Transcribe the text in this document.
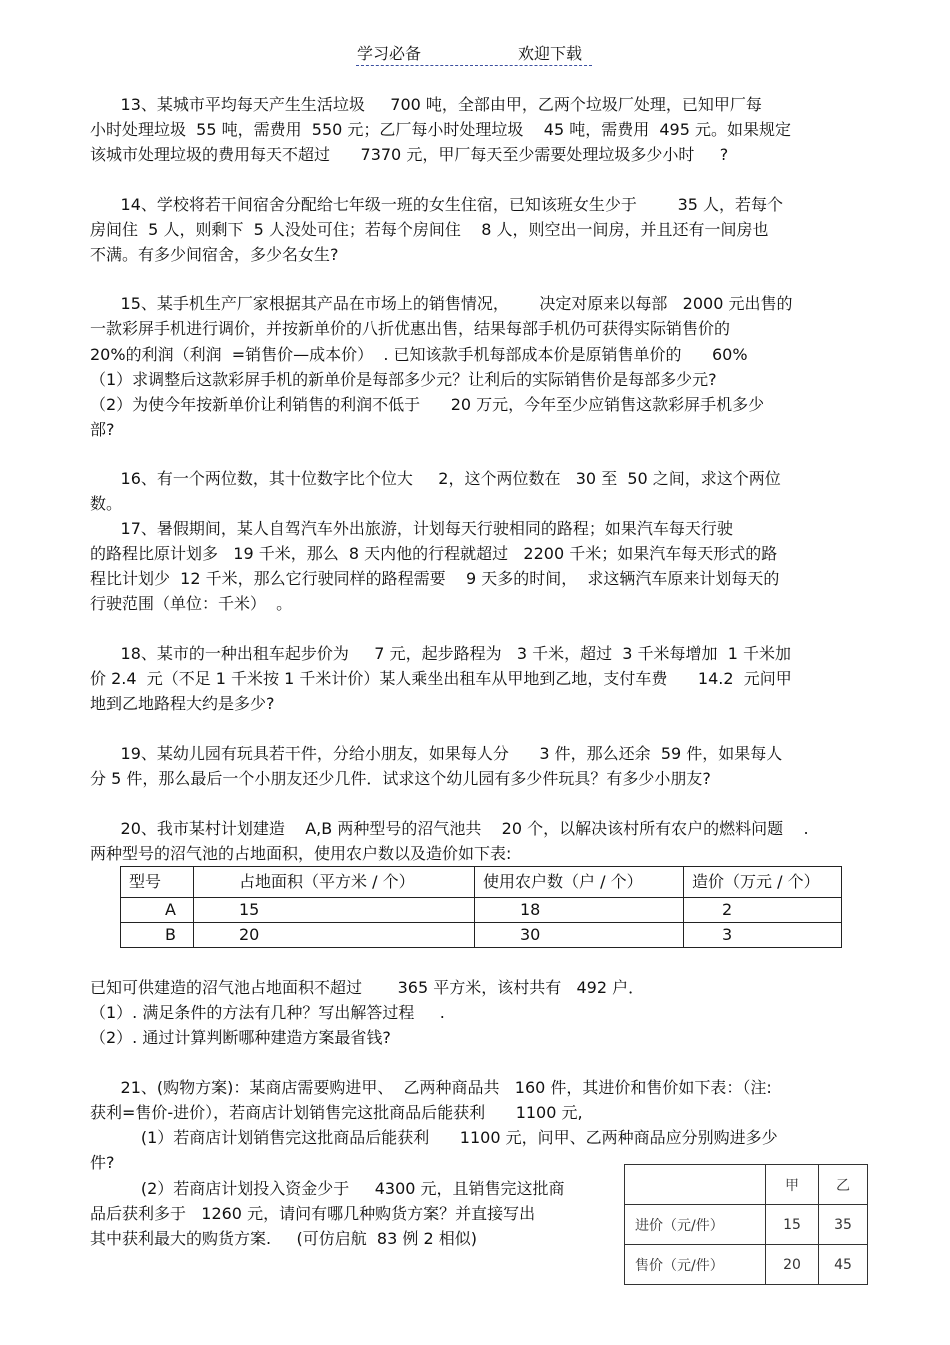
学习必备	欢迎下载
13、某城市平均每天产生生活垃圾     700 吨，全部由甲，乙两个垃圾厂处理，已知甲厂每
小时处理垃圾  55 吨，需费用  550 元；乙厂每小时处理垃圾    45 吨，需费用  495 元。如果规定
该城市处理垃圾的费用每天不超过      7370 元，甲厂每天至少需要处理垃圾多少小时     ?
14、学校将若干间宿舍分配给七年级一班的女生住宿，已知该班女生少于        35 人，若每个
房间住  5 人，则剩下  5 人没处可住；若每个房间住    8 人，则空出一间房，并且还有一间房也
不满。有多少间宿舍，多少名女生?
15、某手机生产厂家根据其产品在市场上的销售情况，      决定对原来以每部   2000 元出售的
一款彩屏手机进行调价，并按新单价的八折优惠出售，结果每部手机仍可获得实际销售价的
20%的利润（利润  =销售价—成本价）  . 已知该款手机每部成本价是原销售单价的      60%
（1）求调整后这款彩屏手机的新单价是每部多少元？让利后的实际销售价是每部多少元?
（2）为使今年按新单价让利销售的利润不低于      20 万元，今年至少应销售这款彩屏手机多少
部?
16、有一个两位数，其十位数字比个位大     2，这个两位数在   30 至  50 之间，求这个两位
数。
17、暑假期间，某人自驾汽车外出旅游，计划每天行驶相同的路程；如果汽车每天行驶
的路程比原计划多   19 千米，那么  8 天内他的行程就超过   2200 千米；如果汽车每天形式的路
程比计划少  12 千米，那么它行驶同样的路程需要    9 天多的时间，  求这辆汽车原来计划每天的
行驶范围（单位：千米）  。
18、某市的一种出租车起步价为     7 元，起步路程为   3 千米，超过  3 千米每增加  1 千米加
价 2.4  元（不足 1 千米按 1 千米计价）某人乘坐出租车从甲地到乙地，支付车费      14.2  元问甲
地到乙地路程大约是多少?
19、某幼儿园有玩具若干件，分给小朋友，如果每人分      3 件，那么还余  59 件，如果每人
分 5 件，那么最后一个小朋友还少几件．试求这个幼儿园有多少件玩具？有多少小朋友?
20、我市某村计划建造    A,B 两种型号的沼气池共    20 个，以解决该村所有农户的燃料问题    .
两种型号的沼气池的占地面积，使用农户数以及造价如下表:
型号	占地面积（平方米 / 个）	使用农户数（户 / 个）	造价（万元 / 个）
A	15	18	2
B	20	30	3
已知可供建造的沼气池占地面积不超过       365 平方米，该村共有   492 户．
（1）. 满足条件的方法有几种？写出解答过程     .
（2）. 通过计算判断哪种建造方案最省钱?
21、(购物方案)：某商店需要购进甲、  乙两种商品共   160 件，其进价和售价如下表：（注:
获利=售价-进价），若商店计划销售完这批商品后能获利      1100 元,
(1）若商店计划销售完这批商品后能获利      1100 元，问甲、乙两种商品应分别购进多少
件?
(2）若商店计划投入资金少于     4300 元，且销售完这批商
品后获利多于   1260 元，请问有哪几种购货方案？并直接写出
其中获利最大的购货方案.     (可仿启航  83 例 2 相似)
	甲	乙
进价（元/件）	15	35
售价（元/件）	20	45
